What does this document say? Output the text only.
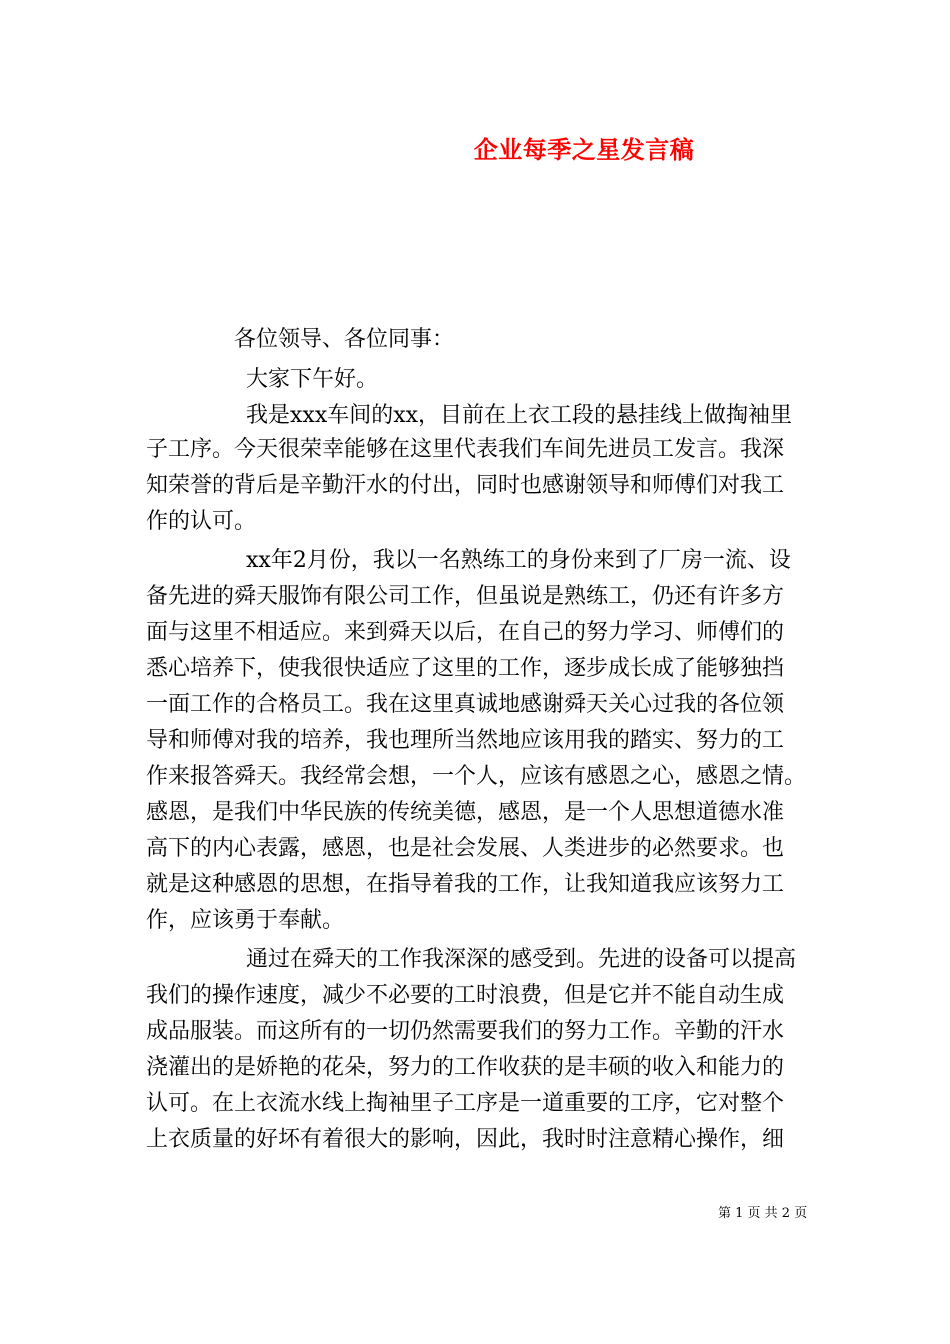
企业每季之星发言稿
各位领导、各位同事：
大家下午好。
我是xxx车间的xx，目前在上衣工段的悬挂线上做掏袖里
子工序。今天很荣幸能够在这里代表我们车间先进员工发言。我深
知荣誉的背后是辛勤汗水的付出，同时也感谢领导和师傅们对我工
作的认可。
xx年2月份，我以一名熟练工的身份来到了厂房一流、设
备先进的舜天服饰有限公司工作，但虽说是熟练工，仍还有许多方
面与这里不相适应。来到舜天以后，在自己的努力学习、师傅们的
悉心培养下，使我很快适应了这里的工作，逐步成长成了能够独挡
一面工作的合格员工。我在这里真诚地感谢舜天关心过我的各位领
导和师傅对我的培养，我也理所当然地应该用我的踏实、努力的工
作来报答舜天。我经常会想，一个人，应该有感恩之心，感恩之情。
感恩，是我们中华民族的传统美德，感恩，是一个人思想道德水准
高下的内心表露，感恩，也是社会发展、人类进步的必然要求。也
就是这种感恩的思想，在指导着我的工作，让我知道我应该努力工
作，应该勇于奉献。
通过在舜天的工作我深深的感受到。先进的设备可以提高
我们的操作速度，减少不必要的工时浪费，但是它并不能自动生成
成品服装。而这所有的一切仍然需要我们的努力工作。辛勤的汗水
浇灌出的是娇艳的花朵，努力的工作收获的是丰硕的收入和能力的
认可。在上衣流水线上掏袖里子工序是一道重要的工序，它对整个
上衣质量的好坏有着很大的影响，因此，我时时注意精心操作，细
第 1 页 共 2 页
